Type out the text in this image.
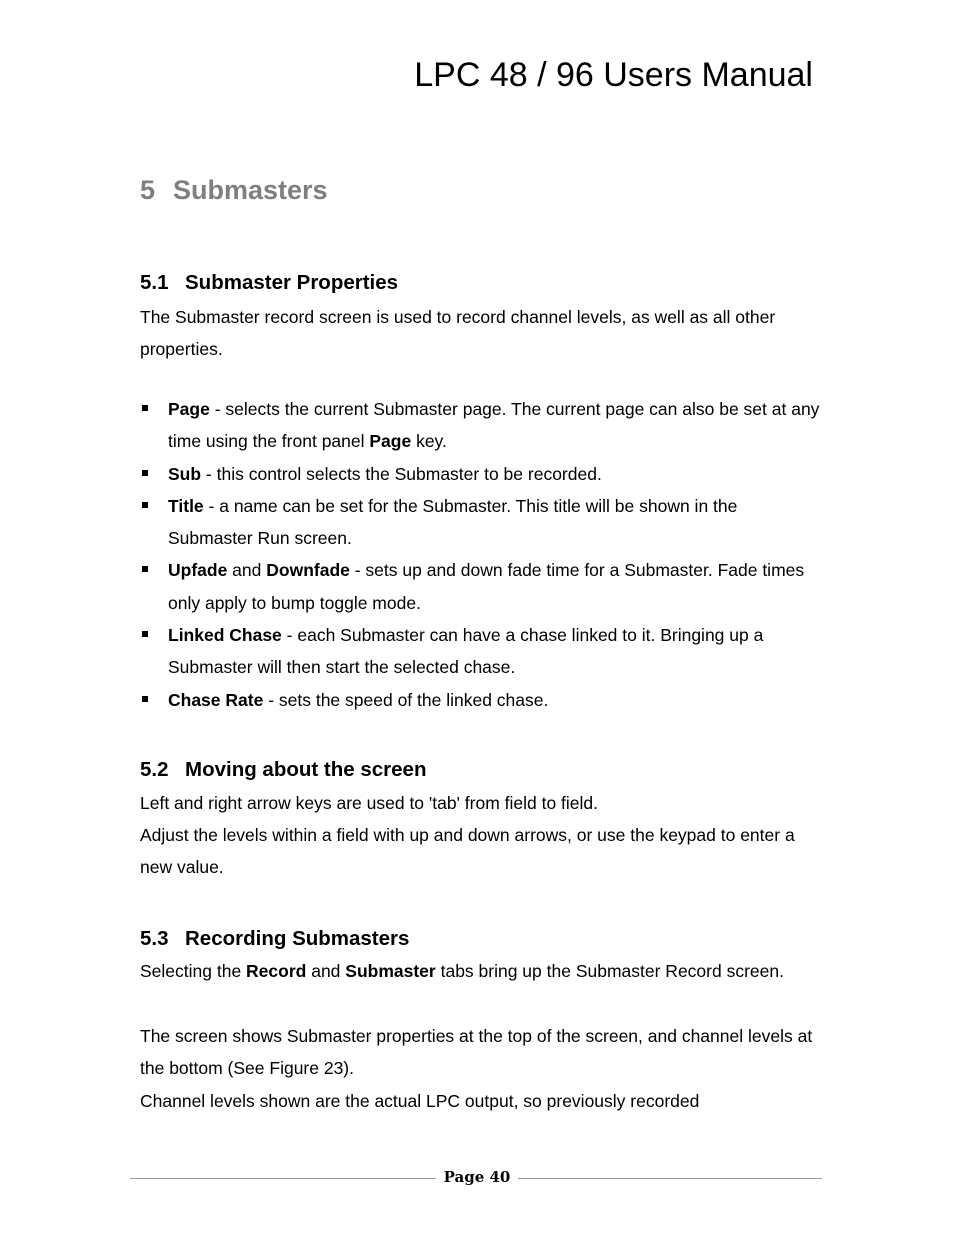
LPC 48 / 96 Users Manual
5 Submasters
5.1 Submaster Properties
The Submaster record screen is used to record channel levels, as well as all other properties.
Page - selects the current Submaster page. The current page can also be set at any time using the front panel Page key.
Sub - this control selects the Submaster to be recorded.
Title - a name can be set for the Submaster. This title will be shown in the Submaster Run screen.
Upfade and Downfade - sets up and down fade time for a Submaster. Fade times only apply to bump toggle mode.
Linked Chase - each Submaster can have a chase linked to it. Bringing up a Submaster will then start the selected chase.
Chase Rate - sets the speed of the linked chase.
5.2 Moving about the screen
Left and right arrow keys are used to 'tab' from field to field.
Adjust the levels within a field with up and down arrows, or use the keypad to enter a new value.
5.3 Recording Submasters
Selecting the Record and Submaster tabs bring up the Submaster Record screen.
The screen shows Submaster properties at the top of the screen, and channel levels at the bottom (See Figure 23).
Channel levels shown are the actual LPC output, so previously recorded
Page 40
